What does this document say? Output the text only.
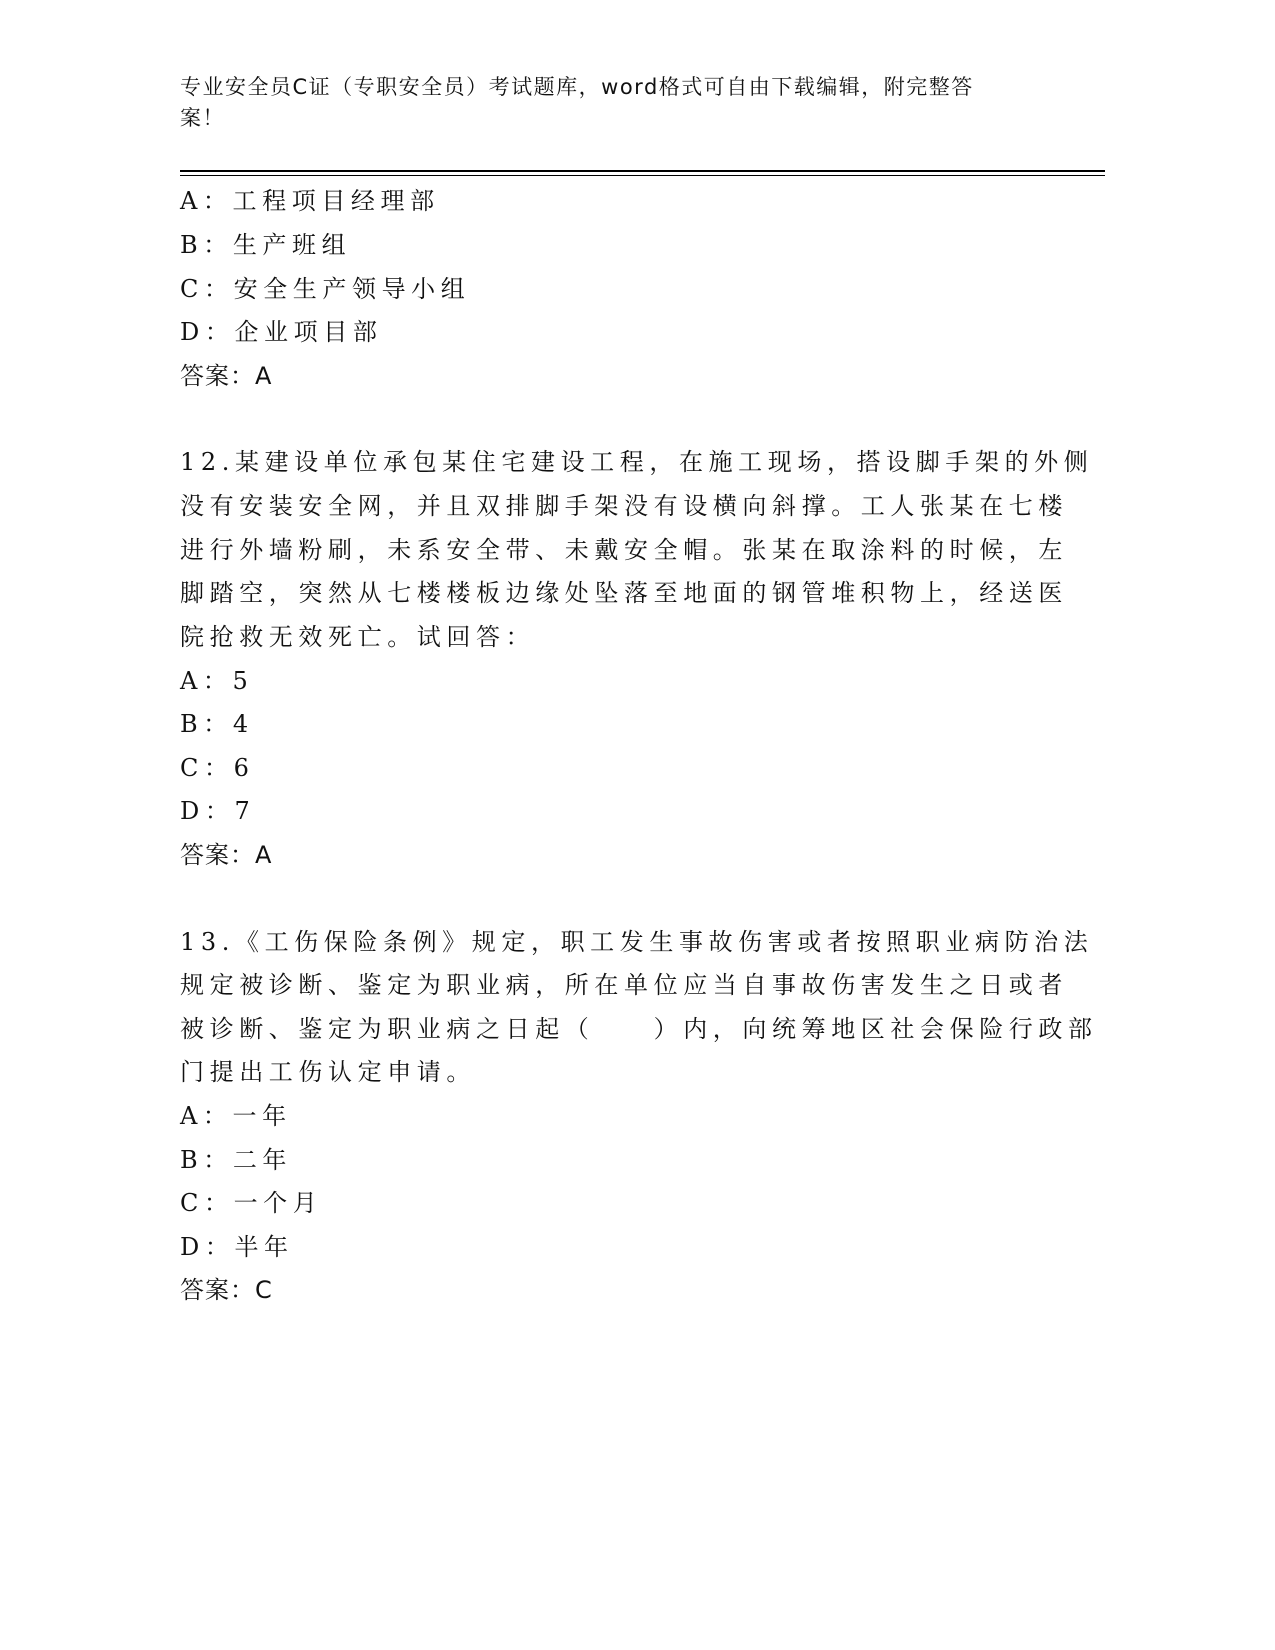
专业安全员C证（专职安全员）考试题库，word格式可自由下载编辑，附完整答
案！
A：工程项目经理部
B：生产班组
C：安全生产领导小组
D：企业项目部
答案：A
12.某建设单位承包某住宅建设工程，在施工现场，搭设脚手架的外侧
没有安装安全网，并且双排脚手架没有设横向斜撑。工人张某在七楼
进行外墙粉刷，未系安全带、未戴安全帽。张某在取涂料的时候，左
脚踏空，突然从七楼楼板边缘处坠落至地面的钢管堆积物上，经送医
院抢救无效死亡。试回答：
A：5
B：4
C：6
D：7
答案：A
13.《工伤保险条例》规定，职工发生事故伤害或者按照职业病防治法
规定被诊断、鉴定为职业病，所在单位应当自事故伤害发生之日或者
被诊断、鉴定为职业病之日起（　　）内，向统筹地区社会保险行政部
门提出工伤认定申请。
A：一年
B：二年
C：一个月
D：半年
答案：C
